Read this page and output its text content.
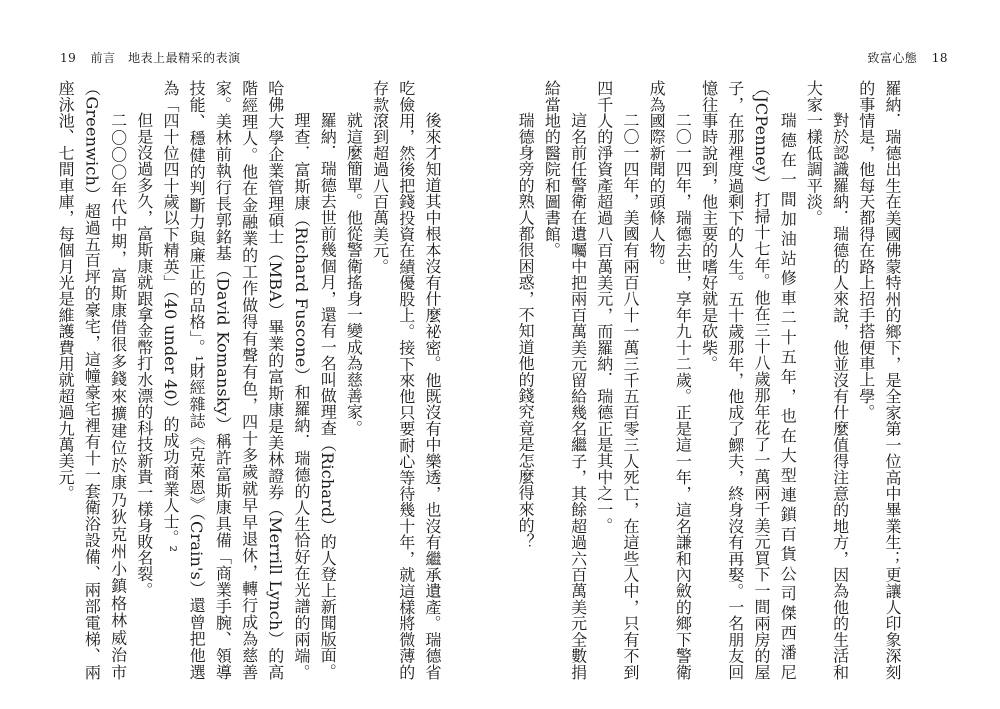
19 前言　地表上最精采的表演	致富心態 18

羅納．瑞德出生在美國佛蒙特州的鄉下，是全家第一位高中畢業生；更讓人印象深刻的事情是，他每天都得在路上招手搭便車上學。

對於認識羅納．瑞德的人來說，他並沒有什麼值得注意的地方，因為他的生活和大家一樣低調平淡。

瑞德在一間加油站修車二十五年，也在大型連鎖百貨公司傑西潘尼（JCPenney）打掃十七年。他在三十八歲那年花了一萬兩千美元買下一間兩房的屋子，在那裡度過剩下的人生。五十歲那年，他成了鰥夫，終身沒有再娶。一名朋友回憶往事時說到，他主要的嗜好就是砍柴。

二〇一四年，瑞德去世，享年九十二歲。正是這一年，這名謙和內斂的鄉下警衛成為國際新聞的頭條人物。

二〇一四年，美國有兩百八十一萬三千五百零三人死亡，在這些人中，只有不到四千人的淨資產超過八百萬美元，而羅納．瑞德正是其中之一。

這名前任警衛在遺囑中把兩百萬美元留給幾名繼子，其餘超過六百萬美元全數捐給當地的醫院和圖書館。

瑞德身旁的熟人都很困惑，不知道他的錢究竟是怎麼得來的？

後來才知道其中根本沒有什麼祕密。他既沒有中樂透，也沒有繼承遺產。瑞德省吃儉用，然後把錢投資在績優股上。接下來他只要耐心等待幾十年，就這樣將微薄的存款滾到超過八百萬美元。

就這麼簡單。他從警衛搖身一變成為慈善家。

羅納．瑞德去世前幾個月，還有一名叫做理查（Richard）的人登上新聞版面。

理查．富斯康（Richard Fuscone）和羅納．瑞德的人生恰好在光譜的兩端。哈佛大學企業管理碩士（MBA）畢業的富斯康是美林證券（Merrill Lynch）的高階經理人。他在金融業的工作做得有聲有色，四十多歲就早早退休，轉行成為慈善家。美林前執行長郭銘基（David Komansky）稱許富斯康具備「商業手腕、領導技能、穩健的判斷力與廉正的品格」。¹財經雜誌《克萊恩》（Crain's）還曾把他選為「四十位四十歲以下精英」（40 under 40）的成功商業人士。²

但是沒過多久，富斯康就跟拿金幣打水漂的科技新貴一樣身敗名裂。

二〇〇〇年代中期，富斯康借很多錢來擴建位於康乃狄克州小鎮格林威治市（Greenwich）超過五百坪的豪宅，這幢豪宅裡有十一套衛浴設備、兩部電梯、兩座泳池、七間車庫，每個月光是維護費用就超過九萬美元。
